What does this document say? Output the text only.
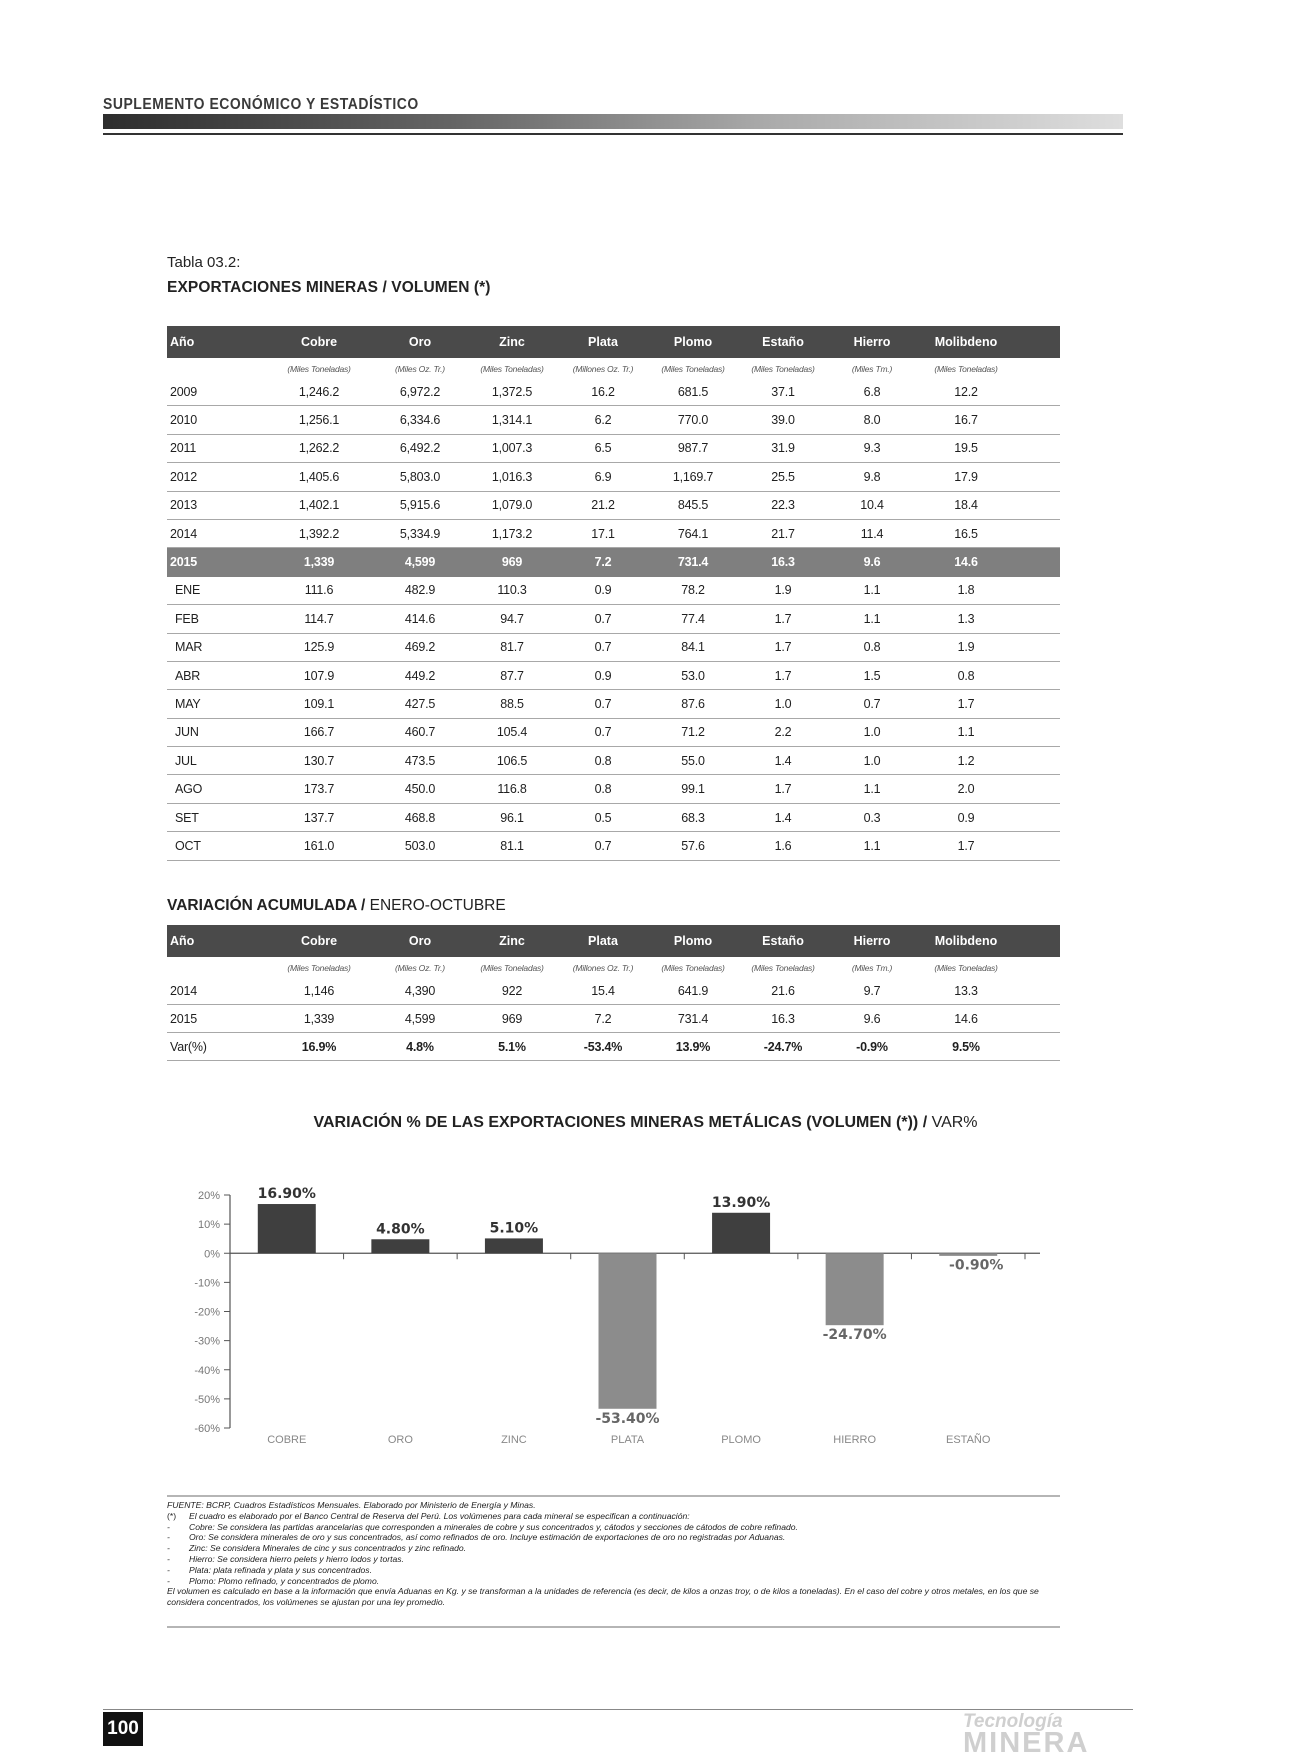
SUPLEMENTO ECONÓMICO Y ESTADÍSTICO
Tabla 03.2:
EXPORTACIONES MINERAS / VOLUMEN (*)
Año	Cobre	Oro	Zinc	Plata	Plomo	Estaño	Hierro	Molibdeno	
	(Miles Toneladas)	(Miles Oz. Tr.)	(Miles Toneladas)	(Millones Oz. Tr.)	(Miles Toneladas)	(Miles Toneladas)	(Miles Tm.)	(Miles Toneladas)	
2009	1,246.2	6,972.2	1,372.5	16.2	681.5	37.1	6.8	12.2	
2010	1,256.1	6,334.6	1,314.1	6.2	770.0	39.0	8.0	16.7	
2011	1,262.2	6,492.2	1,007.3	6.5	987.7	31.9	9.3	19.5	
2012	1,405.6	5,803.0	1,016.3	6.9	1,169.7	25.5	9.8	17.9	
2013	1,402.1	5,915.6	1,079.0	21.2	845.5	22.3	10.4	18.4	
2014	1,392.2	5,334.9	1,173.2	17.1	764.1	21.7	11.4	16.5	
2015	1,339	4,599	969	7.2	731.4	16.3	9.6	14.6	
ENE	111.6	482.9	110.3	0.9	78.2	1.9	1.1	1.8	
FEB	114.7	414.6	94.7	0.7	77.4	1.7	1.1	1.3	
MAR	125.9	469.2	81.7	0.7	84.1	1.7	0.8	1.9	
ABR	107.9	449.2	87.7	0.9	53.0	1.7	1.5	0.8	
MAY	109.1	427.5	88.5	0.7	87.6	1.0	0.7	1.7	
JUN	166.7	460.7	105.4	0.7	71.2	2.2	1.0	1.1	
JUL	130.7	473.5	106.5	0.8	55.0	1.4	1.0	1.2	
AGO	173.7	450.0	116.8	0.8	99.1	1.7	1.1	2.0	
SET	137.7	468.8	96.1	0.5	68.3	1.4	0.3	0.9	
OCT	161.0	503.0	81.1	0.7	57.6	1.6	1.1	1.7	
VARIACIÓN ACUMULADA / ENERO-OCTUBRE
Año	Cobre	Oro	Zinc	Plata	Plomo	Estaño	Hierro	Molibdeno	
	(Miles Toneladas)	(Miles Oz. Tr.)	(Miles Toneladas)	(Millones Oz. Tr.)	(Miles Toneladas)	(Miles Toneladas)	(Miles Tm.)	(Miles Toneladas)	
2014	1,146	4,390	922	15.4	641.9	21.6	9.7	13.3	
2015	1,339	4,599	969	7.2	731.4	16.3	9.6	14.6	
Var(%)	16.9%	4.8%	5.1%	-53.4%	13.9%	-24.7%	-0.9%	9.5%	
VARIACIÓN % DE LAS EXPORTACIONES MINERAS METÁLICAS (VOLUMEN (*)) / VAR%
20%
10%
0%
-10%
-20%
-30%
-40%
-50%
-60%
16.90%
COBRE
4.80%
ORO
5.10%
ZINC
-53.40%
PLATA
13.90%
PLOMO
-24.70%
HIERRO
-0.90%
ESTAÑO
FUENTE: BCRP, Cuadros Estadísticos Mensuales. Elaborado por Ministerio de Energía y Minas.
(*) El cuadro es elaborado por el Banco Central de Reserva del Perú. Los volúmenes para cada mineral se especifican a continuación:
- Cobre: Se considera las partidas arancelarias que corresponden a minerales de cobre y sus concentrados y, cátodos y secciones de cátodos de cobre refinado.
- Oro: Se considera minerales de oro y sus concentrados, así como refinados de oro. Incluye estimación de exportaciones de oro no registradas por Aduanas.
- Zinc: Se considera Minerales de cinc y sus concentrados y zinc refinado.
- Hierro: Se considera hierro pelets y hierro lodos y tortas.
- Plata: plata refinada y plata y sus concentrados.
- Plomo: Plomo refinado, y concentrados de plomo.
El volumen es calculado en base a la información que envía Aduanas en Kg. y se transforman a la unidades de referencia (es decir, de kilos a onzas troy, o de kilos a toneladas). En el caso del cobre y otros metales, en los que se considera concentrados, los volúmenes se ajustan por una ley promedio.
100	Tecnología
MINERA
